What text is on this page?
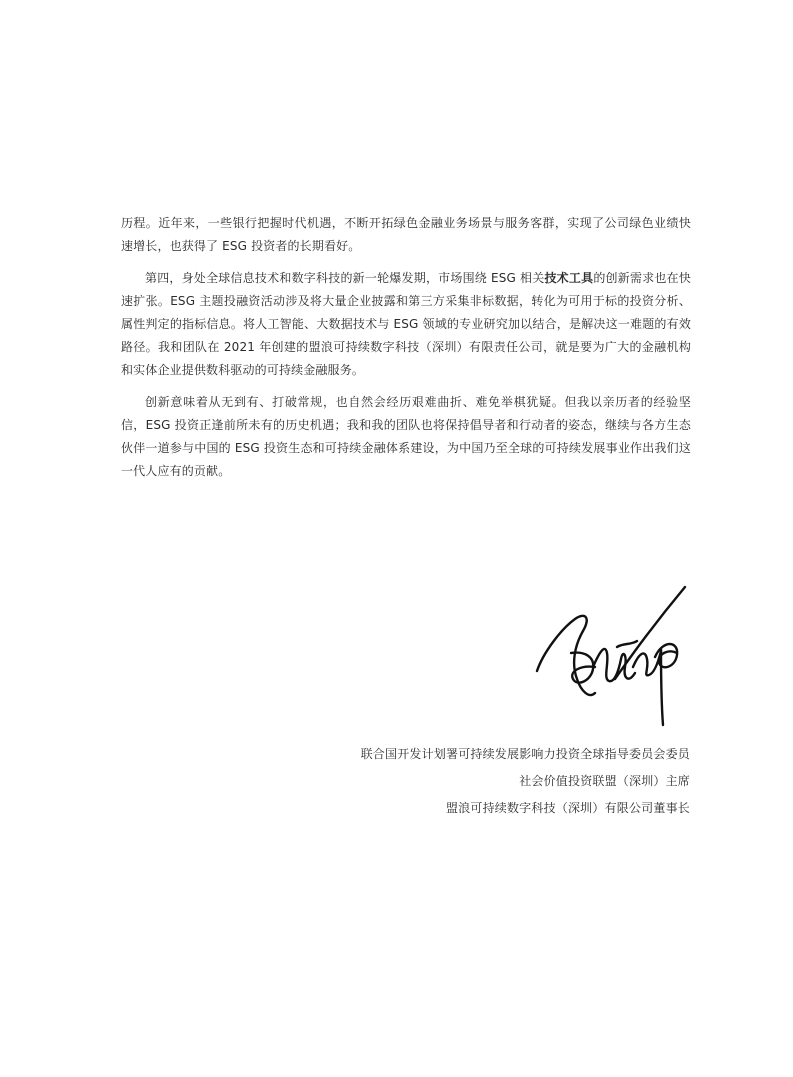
历程。近年来，一些银行把握时代机遇，不断开拓绿色金融业务场景与服务客群，实现了公司绿色业绩快速增长，也获得了 ESG 投资者的长期看好。

第四，身处全球信息技术和数字科技的新一轮爆发期，市场围绕 ESG 相关技术工具的创新需求也在快速扩张。ESG 主题投融资活动涉及将大量企业披露和第三方采集非标数据，转化为可用于标的投资分析、属性判定的指标信息。将人工智能、大数据技术与 ESG 领域的专业研究加以结合，是解决这一难题的有效路径。我和团队在 2021 年创建的盟浪可持续数字科技（深圳）有限责任公司，就是要为广大的金融机构和实体企业提供数科驱动的可持续金融服务。

创新意味着从无到有、打破常规，也自然会经历艰难曲折、难免举棋犹疑。但我以亲历者的经验坚信，ESG 投资正逢前所未有的历史机遇；我和我的团队也将保持倡导者和行动者的姿态，继续与各方生态伙伴一道参与中国的 ESG 投资生态和可持续金融体系建设，为中国乃至全球的可持续发展事业作出我们这一代人应有的贡献。

联合国开发计划署可持续发展影响力投资全球指导委员会委员
社会价值投资联盟（深圳）主席
盟浪可持续数字科技（深圳）有限公司董事长
